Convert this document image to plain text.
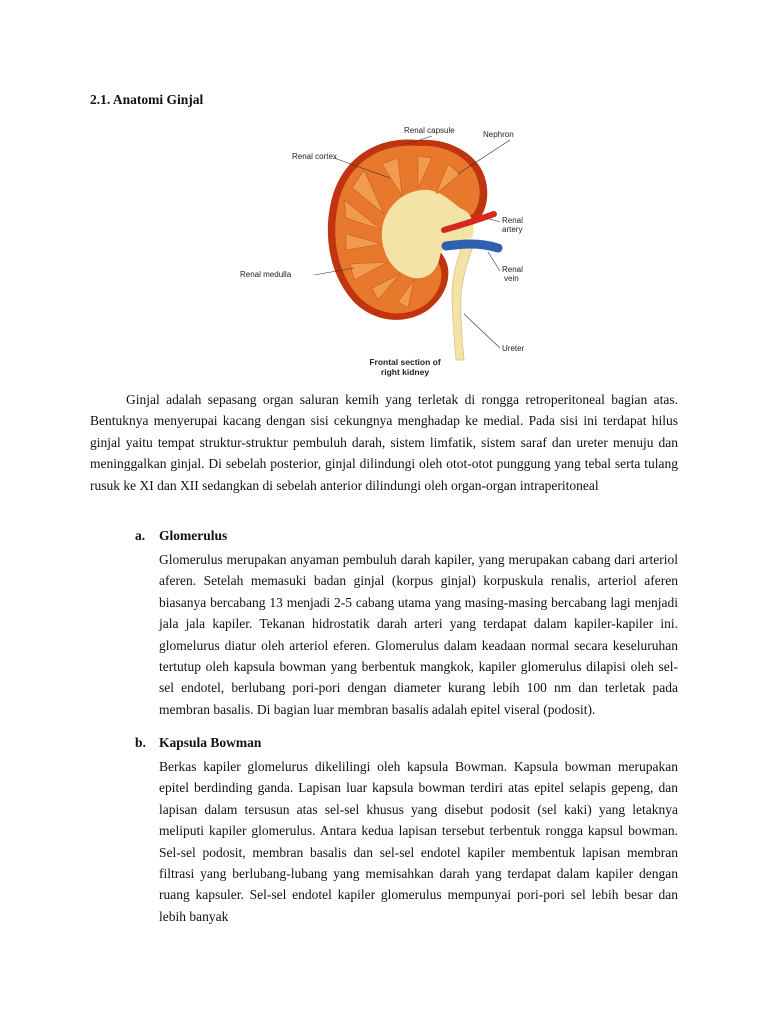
2.1. Anatomi Ginjal
Renal capsule	Nephron
Renal cortex
Renal
artery
Renal medulla
Renal
vein
Ureter
Frontal section of
right kidney

Ginjal adalah sepasang organ saluran kemih yang terletak di rongga retroperitoneal bagian atas. Bentuknya menyerupai kacang dengan sisi cekungnya menghadap ke medial. Pada sisi ini terdapat hilus ginjal yaitu tempat struktur-struktur pembuluh darah, sistem limfatik, sistem saraf dan ureter menuju dan meninggalkan ginjal. Di sebelah posterior, ginjal dilindungi oleh otot-otot punggung yang tebal serta tulang rusuk ke XI dan XII sedangkan di sebelah anterior dilindungi oleh organ-organ intraperitoneal

a. Glomerulus

Glomerulus merupakan anyaman pembuluh darah kapiler, yang merupakan cabang dari arteriol aferen. Setelah memasuki badan ginjal (korpus ginjal) korpuskula renalis, arteriol aferen biasanya bercabang 13 menjadi 2-5 cabang utama yang masing-masing bercabang lagi menjadi jala jala kapiler. Tekanan hidrostatik darah arteri yang terdapat dalam kapiler-kapiler ini. glomelurus diatur oleh arteriol eferen. Glomerulus dalam keadaan normal secara keseluruhan tertutup oleh kapsula bowman yang berbentuk mangkok, kapiler glomerulus dilapisi oleh sel-sel endotel, berlubang pori-pori dengan diameter kurang lebih 100 nm dan terletak pada membran basalis. Di bagian luar membran basalis adalah epitel viseral (podosit).

b. Kapsula Bowman

Berkas kapiler glomelurus dikelilingi oleh kapsula Bowman. Kapsula bowman merupakan epitel berdinding ganda. Lapisan luar kapsula bowman terdiri atas epitel selapis gepeng, dan lapisan dalam tersusun atas sel-sel khusus yang disebut podosit (sel kaki) yang letaknya meliputi kapiler glomerulus. Antara kedua lapisan tersebut terbentuk rongga kapsul bowman. Sel-sel podosit, membran basalis dan sel-sel endotel kapiler membentuk lapisan membran filtrasi yang berlubang-lubang yang memisahkan darah yang terdapat dalam kapiler dengan ruang kapsuler. Sel-sel endotel kapiler glomerulus mempunyai pori-pori sel lebih besar dan lebih banyak
